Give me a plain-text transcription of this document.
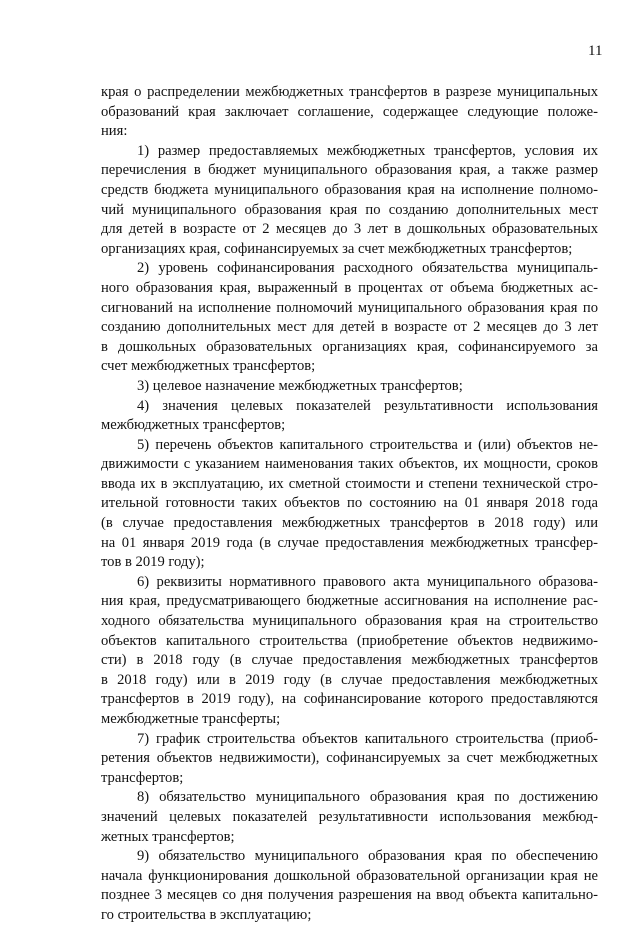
11
края о распределении межбюджетных трансфертов в разрезе муниципальных
образований края заключает соглашение, содержащее следующие положе-
ния:
1) размер предоставляемых межбюджетных трансфертов, условия их
перечисления в бюджет муниципального образования края, а также размер
средств бюджета муниципального образования края на исполнение полномо-
чий муниципального образования края по созданию дополнительных мест
для детей в возрасте от 2 месяцев до 3 лет в дошкольных образовательных
организациях края, софинансируемых за счет межбюджетных трансфертов;
2) уровень софинансирования расходного обязательства муниципаль-
ного образования края, выраженный в процентах от объема бюджетных ас-
сигнований на исполнение полномочий муниципального образования края по
созданию дополнительных мест для детей в возрасте от 2 месяцев до 3 лет
в дошкольных образовательных организациях края, софинансируемого за
счет межбюджетных трансфертов;
3) целевое назначение межбюджетных трансфертов;
4) значения целевых показателей результативности использования
межбюджетных трансфертов;
5) перечень объектов капитального строительства и (или) объектов не-
движимости с указанием наименования таких объектов, их мощности, сроков
ввода их в эксплуатацию, их сметной стоимости и степени технической стро-
ительной готовности таких объектов по состоянию на 01 января 2018 года
(в случае предоставления межбюджетных трансфертов в 2018 году) или
на 01 января 2019 года (в случае предоставления межбюджетных трансфер-
тов в 2019 году);
6) реквизиты нормативного правового акта муниципального образова-
ния края, предусматривающего бюджетные ассигнования на исполнение рас-
ходного обязательства муниципального образования края на строительство
объектов капитального строительства (приобретение объектов недвижимо-
сти) в 2018 году (в случае предоставления межбюджетных трансфертов
в 2018 году) или в 2019 году (в случае предоставления межбюджетных
трансфертов в 2019 году), на софинансирование которого предоставляются
межбюджетные трансферты;
7) график строительства объектов капитального строительства (приоб-
ретения объектов недвижимости), софинансируемых за счет межбюджетных
трансфертов;
8) обязательство муниципального образования края по достижению
значений целевых показателей результативности использования межбюд-
жетных трансфертов;
9) обязательство муниципального образования края по обеспечению
начала функционирования дошкольной образовательной организации края не
позднее 3 месяцев со дня получения разрешения на ввод объекта капитально-
го строительства в эксплуатацию;
